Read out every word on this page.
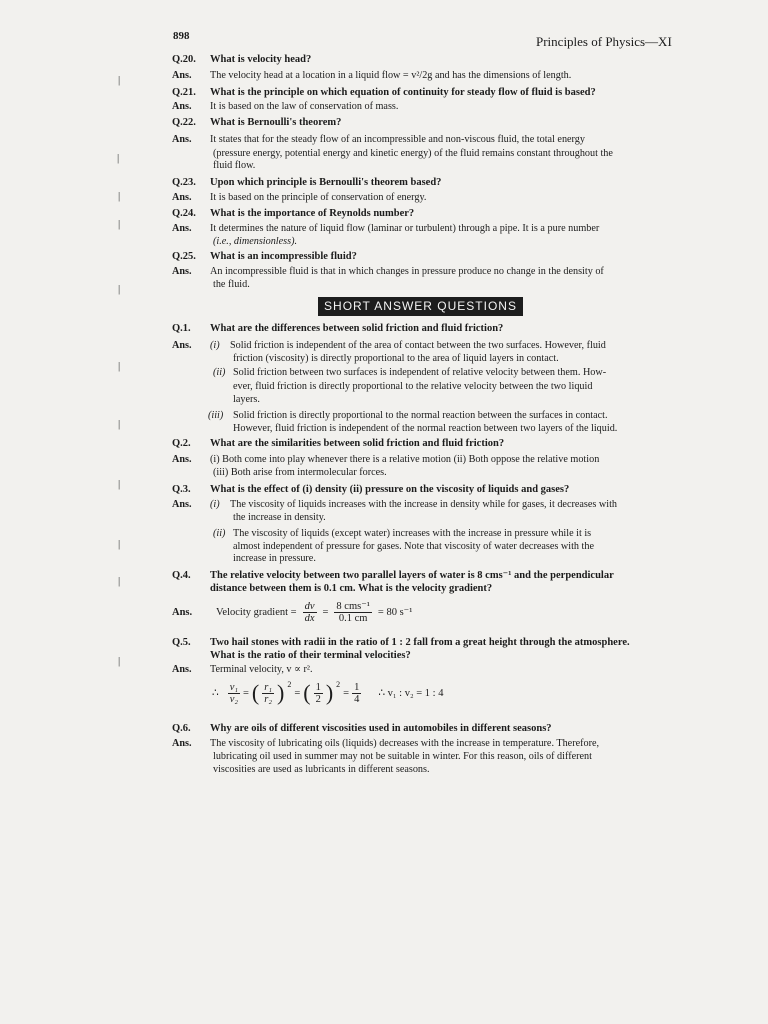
898	Principles of Physics—XI
Q.20. What is velocity head?
Ans. The velocity head at a location in a liquid flow = v²/2g and has the dimensions of length.
Q.21. What is the principle on which equation of continuity for steady flow of fluid is based?
Ans. It is based on the law of conservation of mass.
Q.22. What is Bernoulli's theorem?
Ans. It states that for the steady flow of an incompressible and non-viscous fluid, the total energy
(pressure energy, potential energy and kinetic energy) of the fluid remains constant throughout the
fluid flow.
Q.23. Upon which principle is Bernoulli's theorem based?
Ans. It is based on the principle of conservation of energy.
Q.24. What is the importance of Reynolds number?
Ans. It determines the nature of liquid flow (laminar or turbulent) through a pipe. It is a pure number
(i.e., dimensionless).
Q.25. What is an incompressible fluid?
Ans. An incompressible fluid is that in which changes in pressure produce no change in the density of
the fluid.
SHORT ANSWER QUESTIONS
Q.1. What are the differences between solid friction and fluid friction?
Ans. (i) Solid friction is independent of the area of contact between the two surfaces. However, fluid
friction (viscosity) is directly proportional to the area of liquid layers in contact.
(ii) Solid friction between two surfaces is independent of relative velocity between them. How-
ever, fluid friction is directly proportional to the relative velocity between the two liquid
layers.
(iii) Solid friction is directly proportional to the normal reaction between the surfaces in contact.
However, fluid friction is independent of the normal reaction between two layers of the liquid.
Q.2. What are the similarities between solid friction and fluid friction?
Ans. (i) Both come into play whenever there is a relative motion (ii) Both oppose the relative motion
(iii) Both arise from intermolecular forces.
Q.3. What is the effect of (i) density (ii) pressure on the viscosity of liquids and gases?
Ans. (i) The viscosity of liquids increases with the increase in density while for gases, it decreases with
the increase in density.
(ii) The viscosity of liquids (except water) increases with the increase in pressure while it is
almost independent of pressure for gases. Note that viscosity of water decreases with the
increase in pressure.
Q.4. The relative velocity between two parallel layers of water is 8 cms⁻¹ and the perpendicular
distance between them is 0.1 cm. What is the velocity gradient?
Ans.	Velocity gradient = $\frac{dv}{dx} = \frac{\text{8 cms⁻¹}}{0.1 cm} = 80$ s⁻¹
Q.5. Two hail stones with radii in the ratio of 1 : 2 fall from a great height through the atmosphere.
What is the ratio of their terminal velocities?
Ans. Terminal velocity, v ∝ r².
∴ $\frac{\text{v₁}}{\text{v₂}}$ = ( $\frac{\text{r₁}}{\text{r₂}}$ ) $^2$
= ( $\frac{1}{2}$ ) $^2$
= $\frac{1}{4}$ ∴ v₁ : v₂ = 1 : 4
Q.6. Why are oils of different viscosities used in automobiles in different seasons?
Ans. The viscosity of lubricating oils (liquids) decreases with the increase in temperature. Therefore,
lubricating oil used in summer may not be suitable in winter. For this reason, oils of different
viscosities are used as lubricants in different seasons.
|
|
|
|
|
|
|
|
|
|
|
